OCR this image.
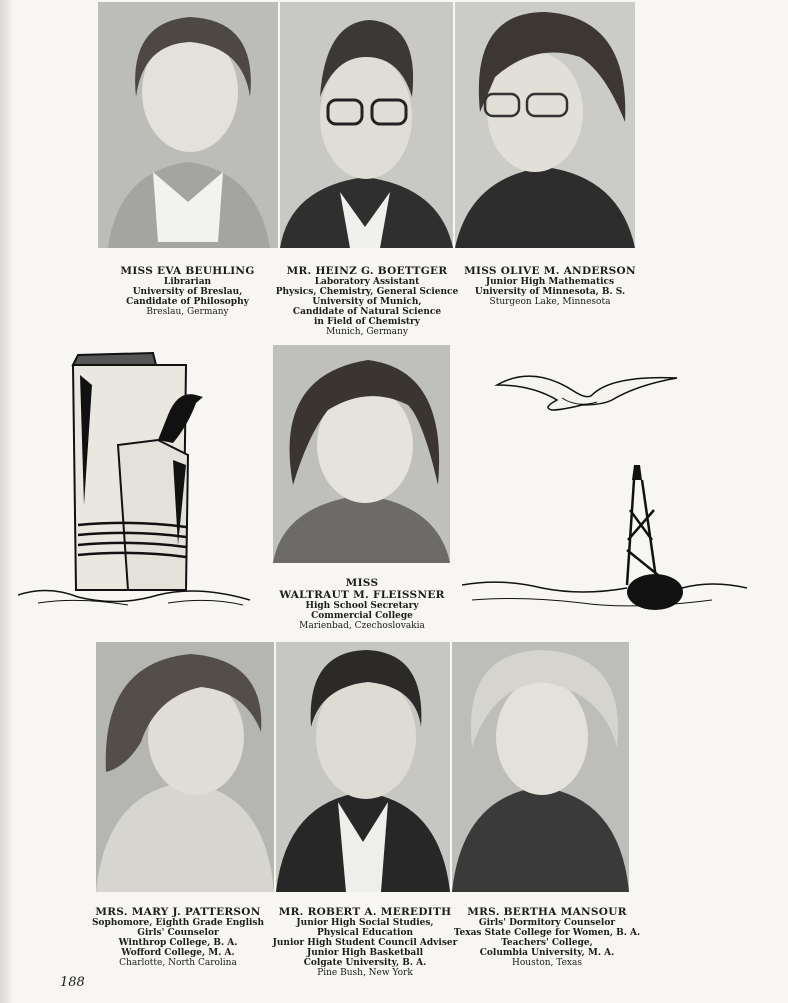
MISS EVA BEUHLING
Librarian
University of Breslau,
Candidate of Philosophy
Breslau, Germany
MR. HEINZ G. BOETTGER
Laboratory Assistant
Physics, Chemistry, General Science
University of Munich,
Candidate of Natural Science
in Field of Chemistry
Munich, Germany
MISS OLIVE M. ANDERSON
Junior High Mathematics
University of Minnesota, B. S.
Sturgeon Lake, Minnesota
MISS
WALTRAUT M. FLEISSNER
High School Secretary
Commercial College
Marienbad, Czechoslovakia
MRS. MARY J. PATTERSON
Sophomore, Eighth Grade English
Girls' Counselor
Winthrop College, B. A.
Wofford College, M. A.
Charlotte, North Carolina
MR. ROBERT A. MEREDITH
Junior High Social Studies,
Physical Education
Junior High Student Council Adviser
Junior High Basketball
Colgate University, B. A.
Pine Bush, New York
MRS. BERTHA MANSOUR
Girls' Dormitory Counselor
Texas State College for Women, B. A.
Teachers' College,
Columbia University, M. A.
Houston, Texas
188
